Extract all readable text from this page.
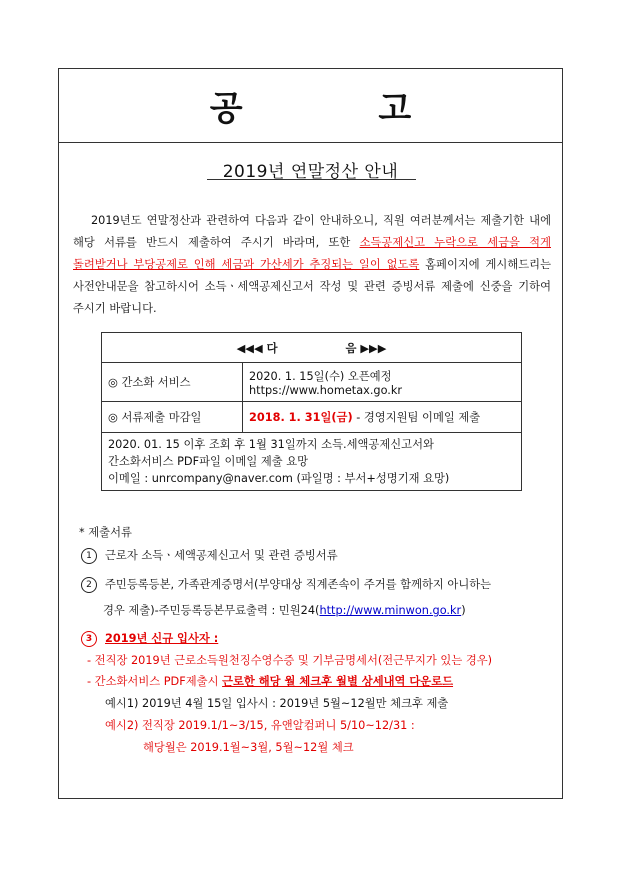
공 고
2019년 연말정산 안내
2019년도 연말정산과 관련하여 다음과 같이 안내하오니, 직원 여러분께서는 제출기한 내에 해당 서류를 반드시 제출하여 주시기 바라며, 또한 소득공제신고 누락으로 세금을 적게 돌려받거나 부당공제로 인해 세금과 가산세가 추징되는 일이 없도록 홈페이지에 게시해드리는 사전안내문을 참고하시어 소득ㆍ세액공제신고서 작성 및 관련 증빙서류 제출에 신중을 기하여 주시기 바랍니다.
◀◀◀ 다 음 ▶▶▶	
◎ 간소화 서비스	2020. 1. 15일(수) 오픈예정
https://www.hometax.go.kr

◎ 서류제출 마감일	2018. 1. 31일(금) - 경영지원팀 이메일 제출

2020. 01. 15 이후 조회 후 1월 31일까지 소득.세액공제신고서와
간소화서비스 PDF파일 이메일 제출 요망
이메일 : unrcompany@naver.com (파일명 : 부서+성명기재 요망)	
* 제출서류
1 근로자 소득ㆍ세액공제신고서 및 관련 증빙서류
2 주민등록등본, 가족관계증명서(부양대상 직계존속이 주거를 함께하지 아니하는
경우 제출)-주민등록등본무료출력 : 민원24(http://www.minwon.go.kr)
3 2019년 신규 입사자 :
- 전직장 2019년 근로소득원천징수영수증 및 기부금명세서(전근무지가 있는 경우)
- 간소화서비스 PDF제출시 근로한 해당 월 체크후 월별 상세내역 다운로드
예시1) 2019년 4월 15일 입사시 : 2019년 5월~12월만 체크후 제출
예시2) 전직장 2019.1/1~3/15, 유앤알컴퍼니 5/10~12/31 :
해당월은 2019.1월~3월, 5월~12월 체크
